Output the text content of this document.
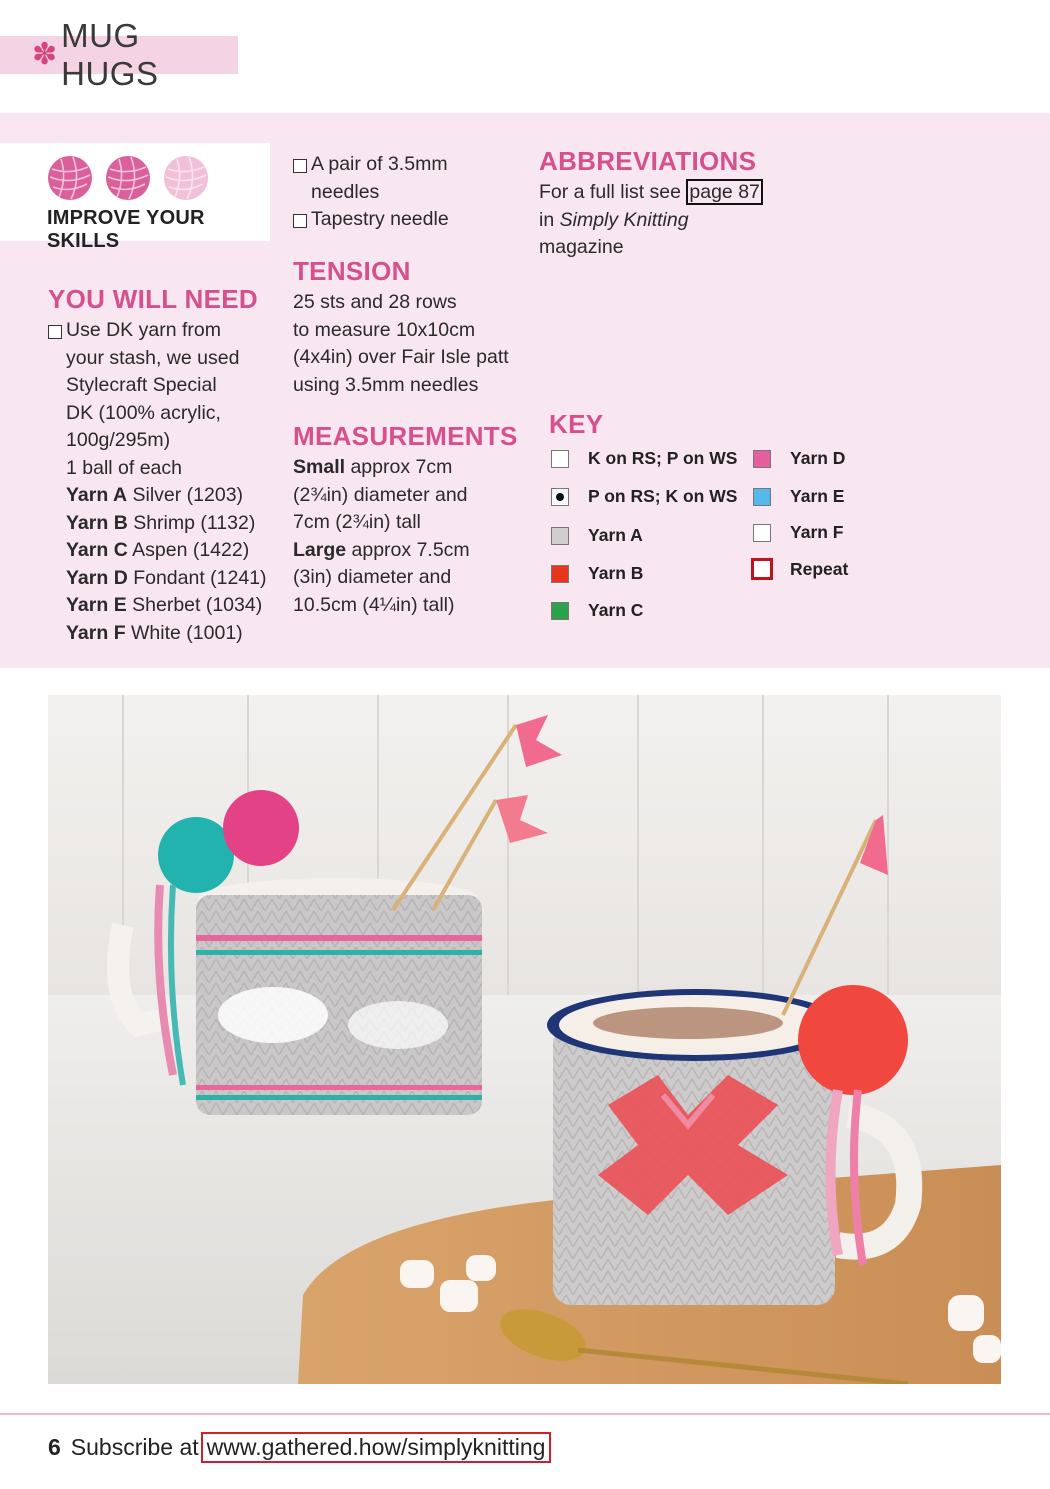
✽
MUG HUGS
IMPROVE YOUR SKILLS
YOU WILL NEED
Use DK yarn from
your stash, we used
Stylecraft Special
DK (100% acrylic,
100g/295m)
1 ball of each
Yarn A Silver (1203)
Yarn B Shrimp (1132)
Yarn C Aspen (1422)
Yarn D Fondant (1241)
Yarn E Sherbet (1034)
Yarn F White (1001)
A pair of 3.5mm
needles
Tapestry needle
TENSION
25 sts and 28 rows
to measure 10x10cm
(4x4in) over Fair Isle patt
using 3.5mm needles
MEASUREMENTS
Small approx 7cm
(2¾in) diameter and
7cm (2¾in) tall
Large approx 7.5cm
(3in) diameter and
10.5cm (4¼in) tall)
ABBREVIATIONS
For a full list see page 87
in Simply Knitting
magazine
KEY
K on RS; P on WS
P on RS; K on WS
Yarn A
Yarn B
Yarn C
Yarn D
Yarn E
Yarn F
Repeat
6 Subscribe at www.gathered.how/simplyknitting
